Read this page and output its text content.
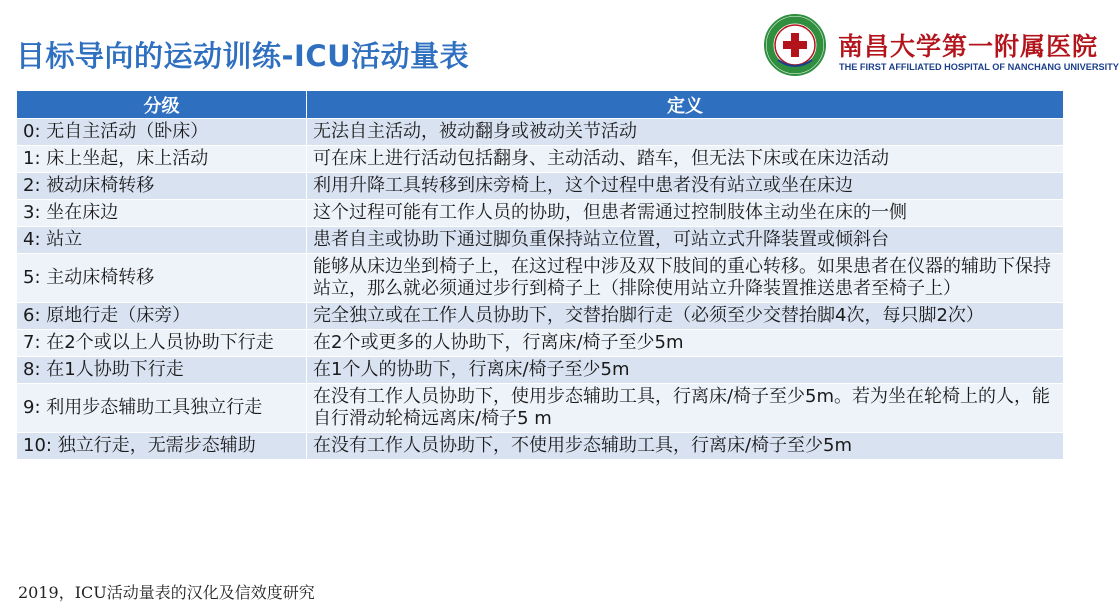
目标导向的运动训练-ICU活动量表	南昌大学第一附属医院
THE FIRST AFFILIATED HOSPITAL OF NANCHANG UNIVERSITY
分级	定义
0: 无自主活动（卧床）	无法自主活动，被动翻身或被动关节活动
1: 床上坐起，床上活动	可在床上进行活动包括翻身、主动活动、踏车，但无法下床或在床边活动
2: 被动床椅转移	利用升降工具转移到床旁椅上，这个过程中患者没有站立或坐在床边
3: 坐在床边	这个过程可能有工作人员的协助，但患者需通过控制肢体主动坐在床的一侧
4: 站立	患者自主或协助下通过脚负重保持站立位置，可站立式升降装置或倾斜台
5: 主动床椅转移	能够从床边坐到椅子上，在这过程中涉及双下肢间的重心转移。如果患者在仪器的辅助下保持站立，那么就必须通过步行到椅子上（排除使用站立升降装置推送患者至椅子上）
6: 原地行走（床旁）	完全独立或在工作人员协助下，交替抬脚行走（必须至少交替抬脚4次，每只脚2次）
7: 在2个或以上人员协助下行走	在2个或更多的人协助下，行离床/椅子至少5m
8: 在1人协助下行走	在1个人的协助下，行离床/椅子至少5m
9: 利用步态辅助工具独立行走	在没有工作人员协助下，使用步态辅助工具，行离床/椅子至少5m。若为坐在轮椅上的人，能自行滑动轮椅远离床/椅子5 m
10: 独立行走，无需步态辅助	在没有工作人员协助下，不使用步态辅助工具，行离床/椅子至少5m
2019，ICU活动量表的汉化及信效度研究
